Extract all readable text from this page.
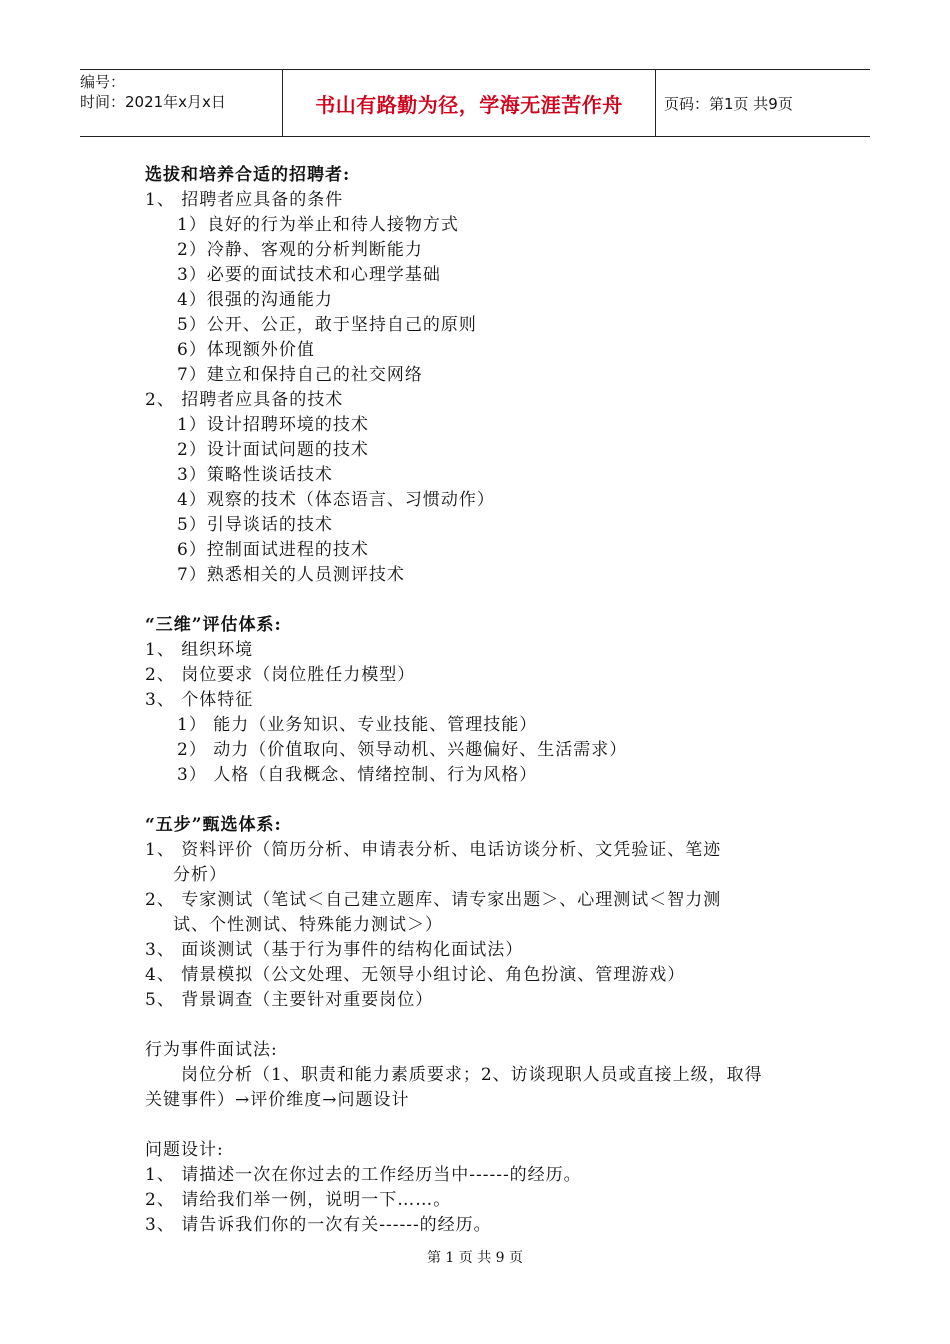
编号：
时间：2021年x月x日	书山有路勤为径，学海无涯苦作舟	页码：第1页 共9页
选拔和培养合适的招聘者:
1、 招聘者应具备的条件
1）良好的行为举止和待人接物方式
2）冷静、客观的分析判断能力
3）必要的面试技术和心理学基础
4）很强的沟通能力
5）公开、公正，敢于坚持自己的原则
6）体现额外价值
7）建立和保持自己的社交网络
2、 招聘者应具备的技术
1）设计招聘环境的技术
2）设计面试问题的技术
3）策略性谈话技术
4）观察的技术（体态语言、习惯动作）
5）引导谈话的技术
6）控制面试进程的技术
7）熟悉相关的人员测评技术
“三维”评估体系:
1、 组织环境
2、 岗位要求（岗位胜任力模型）
3、 个体特征
1） 能力（业务知识、专业技能、管理技能）
2） 动力（价值取向、领导动机、兴趣偏好、生活需求）
3） 人格（自我概念、情绪控制、行为风格）
“五步”甄选体系:
1、 资料评价（简历分析、申请表分析、电话访谈分析、文凭验证、笔迹
分析）
2、 专家测试（笔试＜自己建立题库、请专家出题＞、心理测试＜智力测
试、个性测试、特殊能力测试＞）
3、 面谈测试（基于行为事件的结构化面试法）
4、 情景模拟（公文处理、无领导小组讨论、角色扮演、管理游戏）
5、 背景调查（主要针对重要岗位）
行为事件面试法:
岗位分析（1、职责和能力素质要求；2、访谈现职人员或直接上级，取得
关键事件）→评价维度→问题设计
问题设计:
1、 请描述一次在你过去的工作经历当中------的经历。
2、 请给我们举一例，说明一下……。
3、 请告诉我们你的一次有关------的经历。
第 1 页 共 9 页
